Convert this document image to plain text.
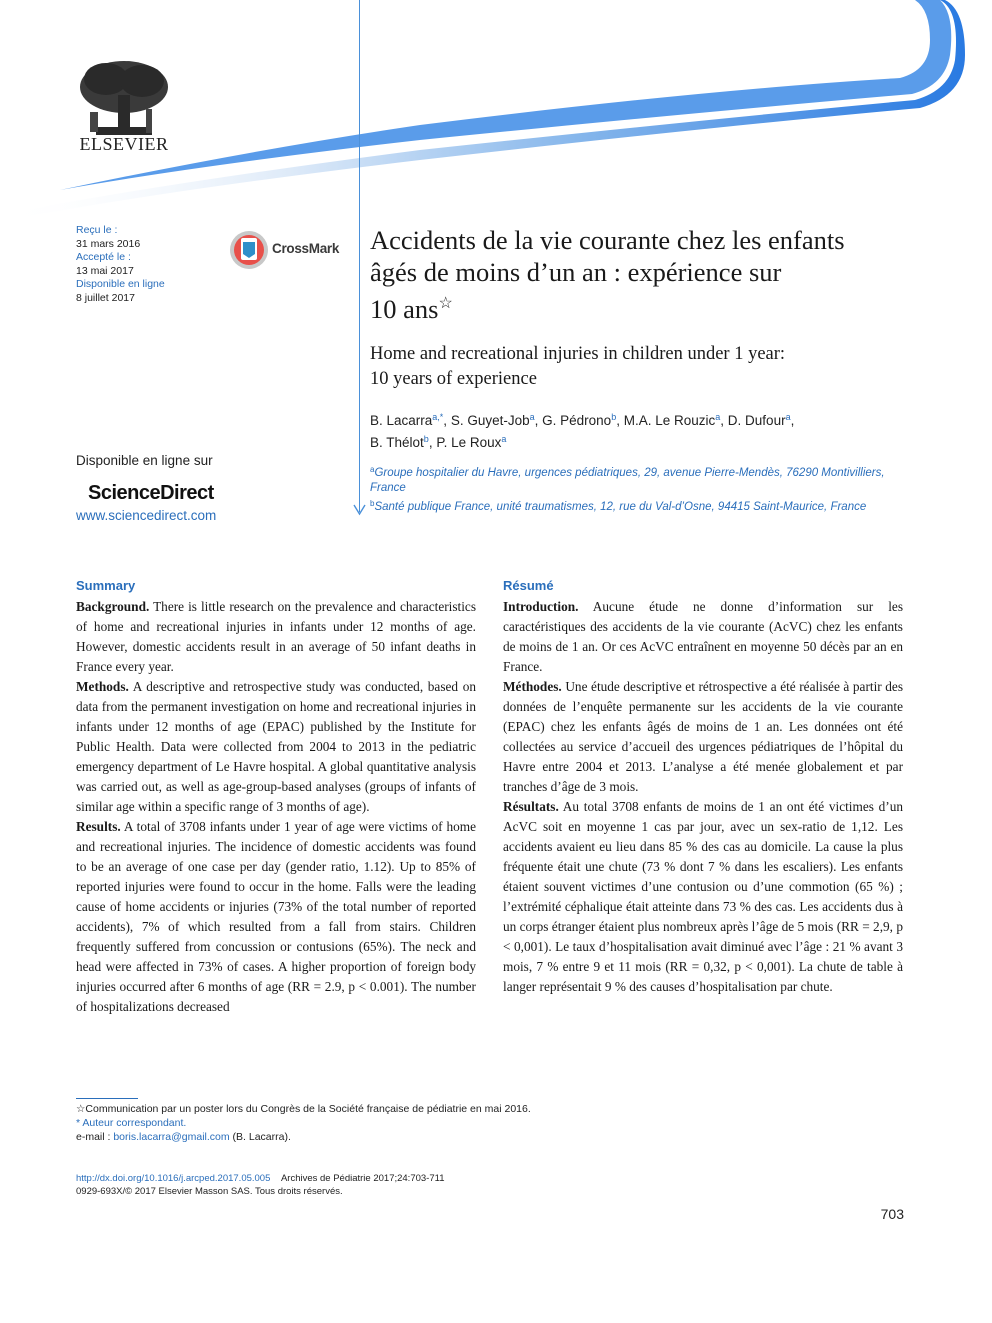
Mémoire original
ELSEVIER
Reçu le :
31 mars 2016
Accepté le :
13 mai 2017
Disponible en ligne
8 juillet 2017
CrossMark Accidents de la vie courante chez les enfants
âgés de moins d’un an : expérience sur
10 ans☆
Home and recreational injuries in children under 1 year:
10 years of experience
B. Lacarra$^{a,*}$, S. Guyet-Job$^a$, G. Pédrono$^b$, M.A. Le Rouzic$^a$, D. Dufour$^a$,
B. Thélot$^b$, P. Le Roux$^a$
$^a$Groupe hospitalier du Havre, urgences pédiatriques, 29, avenue Pierre-Mendès, 76290 Montivilliers, France
$^b$Santé publique France, unité traumatismes, 12, rue du Val-d’Osne, 94415 Saint-Maurice, France
Disponible en ligne sur
ScienceDirect
www.sciencedirect.com
Summary

Background. There is little research on the prevalence and characteristics of home and recreational injuries in infants under 12 months of age. However, domestic accidents result in an average of 50 infant deaths in France every year.

Methods. A descriptive and retrospective study was conducted, based on data from the permanent investigation on home and recreational injuries in infants under 12 months of age (EPAC) published by the Institute for Public Health. Data were collected from 2004 to 2013 in the pediatric emergency department of Le Havre hospital. A global quantitative analysis was carried out, as well as age-group-based analyses (groups of infants of similar age within a specific range of 3 months of age).

Results. A total of 3708 infants under 1 year of age were victims of home and recreational injuries. The incidence of domestic accidents was found to be an average of one case per day (gender ratio, 1.12). Up to 85% of reported injuries were found to occur in the home. Falls were the leading cause of home accidents or injuries (73% of the total number of reported accidents), 7% of which resulted from a fall from stairs. Children frequently suffered from concussion or contusions (65%). The neck and head were affected in 73% of cases. A higher proportion of foreign body injuries occurred after 6 months of age (RR = 2.9, p < 0.001). The number of hospitalizations decreased

Résumé

Introduction. Aucune étude ne donne d’information sur les caractéristiques des accidents de la vie courante (AcVC) chez les enfants de moins de 1 an. Or ces AcVC entraînent en moyenne 50 décès par an en France.

Méthodes. Une étude descriptive et rétrospective a été réalisée à partir des données de l’enquête permanente sur les accidents de la vie courante (EPAC) chez les enfants âgés de moins de 1 an. Les données ont été collectées au service d’accueil des urgences pédiatriques de l’hôpital du Havre entre 2004 et 2013. L’analyse a été menée globalement et par tranches d’âge de 3 mois.

Résultats. Au total 3708 enfants de moins de 1 an ont été victimes d’un AcVC soit en moyenne 1 cas par jour, avec un sex-ratio de 1,12. Les accidents avaient eu lieu dans 85 % des cas au domicile. La cause la plus fréquente était une chute (73 % dont 7 % dans les escaliers). Les enfants étaient souvent victimes d’une contusion ou d’une commotion (65 %) ; l’extrémité céphalique était atteinte dans 73 % des cas. Les accidents dus à un corps étranger étaient plus nombreux après l’âge de 5 mois (RR = 2,9, p < 0,001). Le taux d’hospitalisation avait diminué avec l’âge : 21 % avant 3 mois, 7 % entre 9 et 11 mois (RR = 0,32, p < 0,001). La chute de table à langer représentait 9 % des causes d’hospitalisation par chute.

☆Communication par un poster lors du Congrès de la Société française de pédiatrie en mai 2016.
* Auteur correspondant.
e-mail : boris.lacarra@gmail.com (B. Lacarra).
http://dx.doi.org/10.1016/j.arcped.2017.05.005 Archives de Pédiatrie 2017;24:703-711
0929-693X/© 2017 Elsevier Masson SAS. Tous droits réservés.
703
